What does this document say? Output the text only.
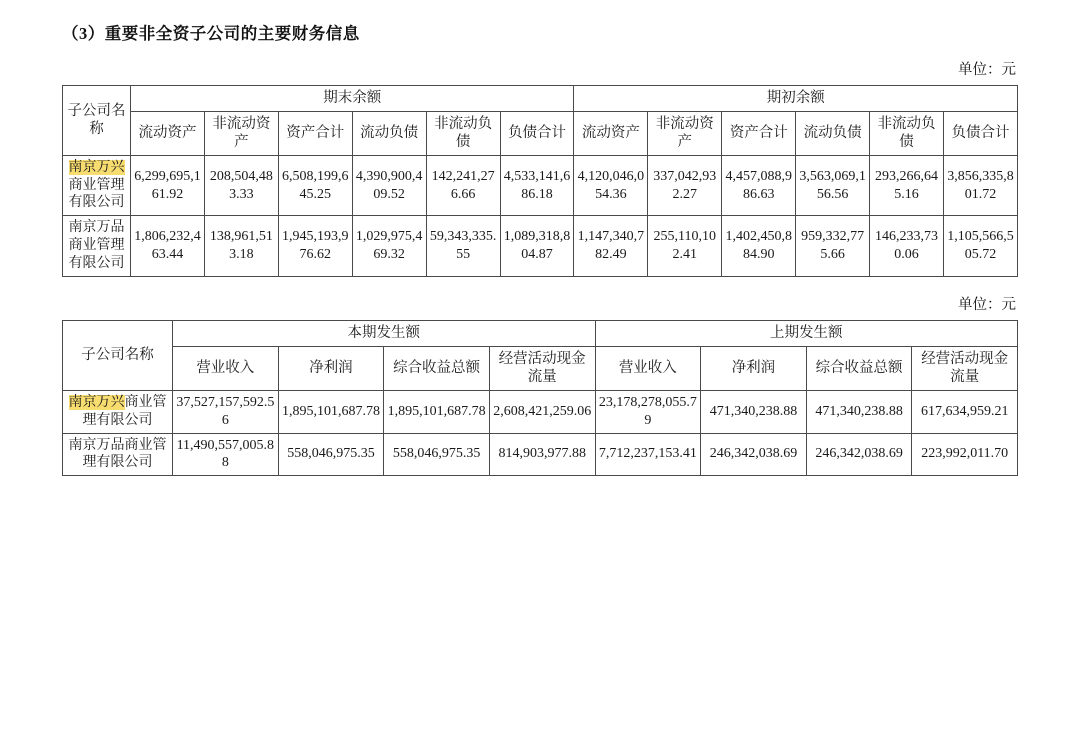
（3）重要非全资子公司的主要财务信息
单位：元
子公司名称	期末余额						期初余额					
	流动资产	非流动资产	资产合计	流动负债	非流动负债	负债合计	流动资产	非流动资产	资产合计	流动负债	非流动负债	负债合计
南京万兴商业管理有限公司	6,299,695,161.92	208,504,483.33	6,508,199,645.25	4,390,900,409.52	142,241,276.66	4,533,141,686.18	4,120,046,054.36	337,042,932.27	4,457,088,986.63	3,563,069,156.56	293,266,645.16	3,856,335,801.72
南京万品商业管理有限公司	1,806,232,463.44	138,961,513.18	1,945,193,976.62	1,029,975,469.32	59,343,335.55	1,089,318,804.87	1,147,340,782.49	255,110,102.41	1,402,450,884.90	959,332,775.66	146,233,730.06	1,105,566,505.72
单位：元
子公司名称	本期发生额				上期发生额			
	营业收入	净利润	综合收益总额	经营活动现金流量	营业收入	净利润	综合收益总额	经营活动现金流量
南京万兴商业管理有限公司	37,527,157,592.56	1,895,101,687.78	1,895,101,687.78	2,608,421,259.06	23,178,278,055.79	471,340,238.88	471,340,238.88	617,634,959.21
南京万品商业管理有限公司	11,490,557,005.88	558,046,975.35	558,046,975.35	814,903,977.88	7,712,237,153.41	246,342,038.69	246,342,038.69	223,992,011.70
